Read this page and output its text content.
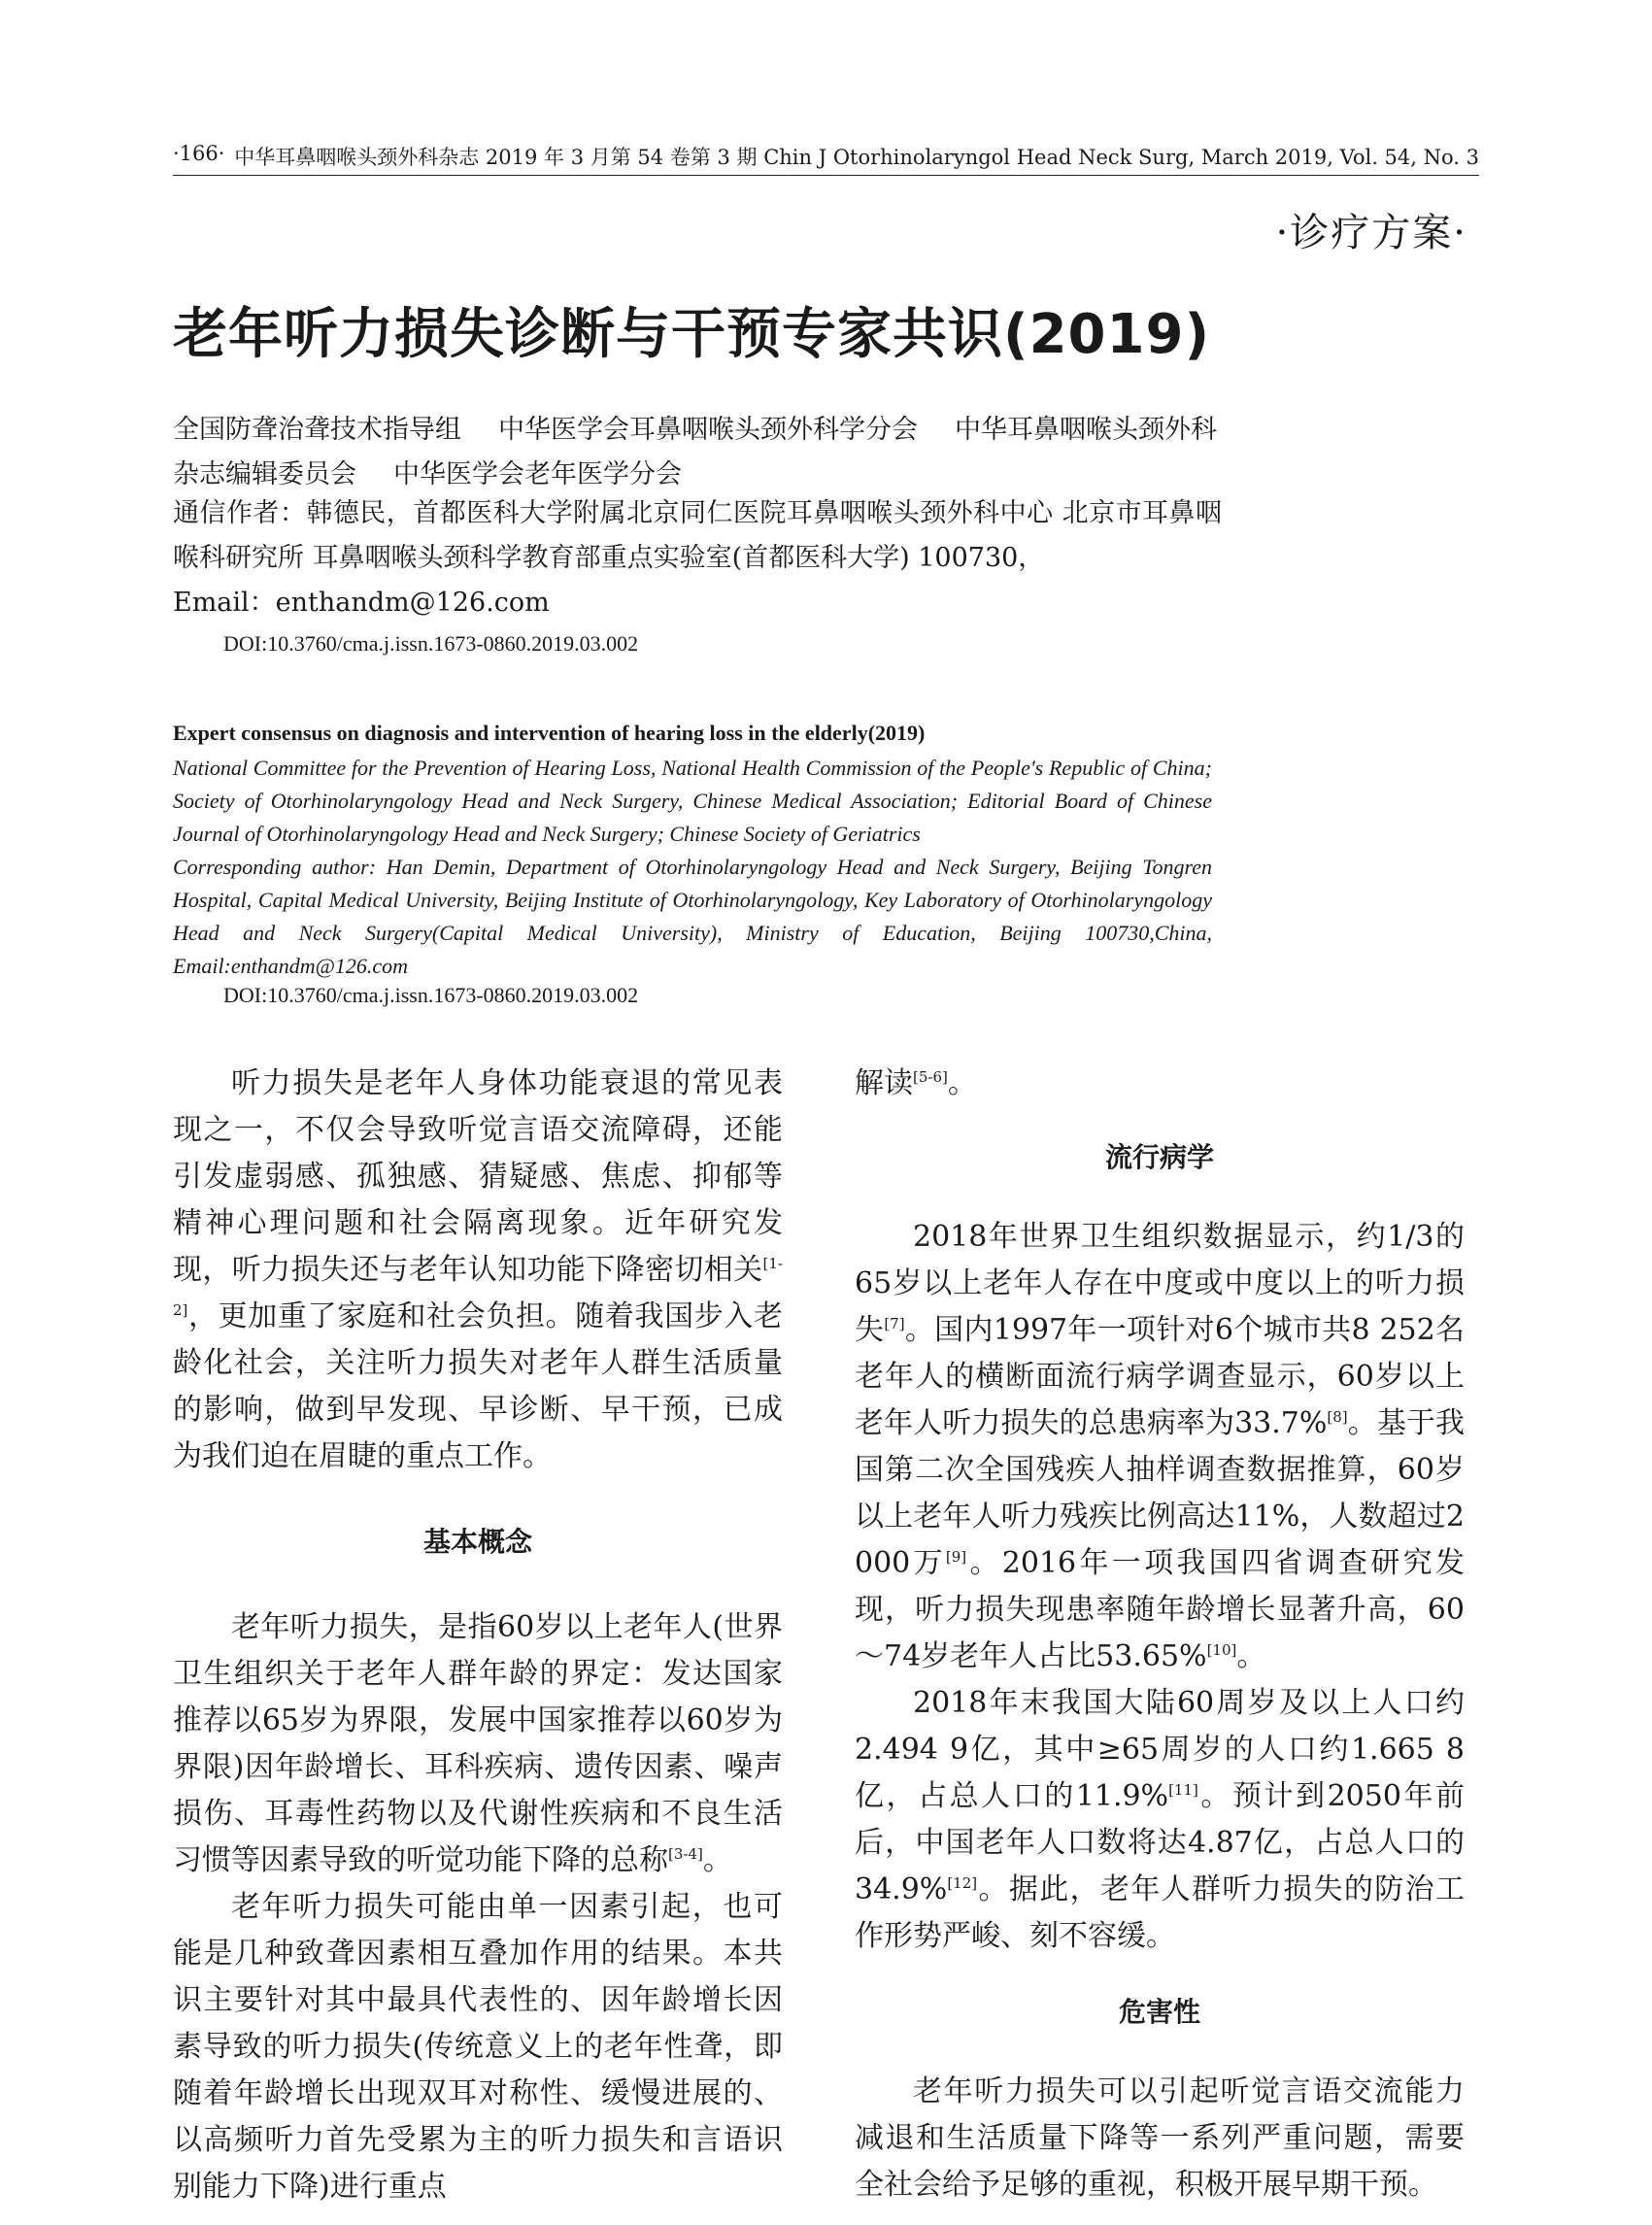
·166· 中华耳鼻咽喉头颈外科杂志 2019 年 3 月第 54 卷第 3 期 Chin J Otorhinolaryngol Head Neck Surg, March 2019, Vol. 54, No. 3
·诊疗方案·
老年听力损失诊断与干预专家共识(2019)
全国防聋治聋技术指导组 中华医学会耳鼻咽喉头颈外科学分会 中华耳鼻咽喉头颈外科杂志编辑委员会 中华医学会老年医学分会
通信作者：韩德民，首都医科大学附属北京同仁医院耳鼻咽喉头颈外科中心 北京市耳鼻咽喉科研究所 耳鼻咽喉头颈科学教育部重点实验室(首都医科大学) 100730，
Email：enthandm@126.com
DOI:10.3760/cma.j.issn.1673-0860.2019.03.002
Expert consensus on diagnosis and intervention of hearing loss in the elderly(2019)
National Committee for the Prevention of Hearing Loss, National Health Commission of the People's Republic of China; Society of Otorhinolaryngology Head and Neck Surgery, Chinese Medical Association; Editorial Board of Chinese Journal of Otorhinolaryngology Head and Neck Surgery; Chinese Society of Geriatrics
Corresponding author: Han Demin, Department of Otorhinolaryngology Head and Neck Surgery, Beijing Tongren Hospital, Capital Medical University, Beijing Institute of Otorhinolaryngology, Key Laboratory of Otorhinolaryngology Head and Neck Surgery(Capital Medical University), Ministry of Education, Beijing 100730,China, Email:enthandm@126.com
DOI:10.3760/cma.j.issn.1673-0860.2019.03.002

听力损失是老年人身体功能衰退的常见表现之一，不仅会导致听觉言语交流障碍，还能引发虚弱感、孤独感、猜疑感、焦虑、抑郁等精神心理问题和社会隔离现象。近年研究发现，听力损失还与老年认知功能下降密切相关[1-2]，更加重了家庭和社会负担。随着我国步入老龄化社会，关注听力损失对老年人群生活质量的影响，做到早发现、早诊断、早干预，已成为我们迫在眉睫的重点工作。

基本概念

老年听力损失，是指60岁以上老年人(世界卫生组织关于老年人群年龄的界定：发达国家推荐以65岁为界限，发展中国家推荐以60岁为界限)因年龄增长、耳科疾病、遗传因素、噪声损伤、耳毒性药物以及代谢性疾病和不良生活习惯等因素导致的听觉功能下降的总称[3-4]。

老年听力损失可能由单一因素引起，也可能是几种致聋因素相互叠加作用的结果。本共识主要针对其中最具代表性的、因年龄增长因素导致的听力损失(传统意义上的老年性聋，即随着年龄增长出现双耳对称性、缓慢进展的、以高频听力首先受累为主的听力损失和言语识别能力下降)进行重点

解读[5-6]。

流行病学

2018年世界卫生组织数据显示，约1/3的65岁以上老年人存在中度或中度以上的听力损失[7]。国内1997年一项针对6个城市共8 252名老年人的横断面流行病学调查显示，60岁以上老年人听力损失的总患病率为33.7%[8]。基于我国第二次全国残疾人抽样调查数据推算，60岁以上老年人听力残疾比例高达11%，人数超过2 000万[9]。2016年一项我国四省调查研究发现，听力损失现患率随年龄增长显著升高，60～74岁老年人占比53.65%[10]。

2018年末我国大陆60周岁及以上人口约2.494 9亿，其中≥65周岁的人口约1.665 8亿，占总人口的11.9%[11]。预计到2050年前后，中国老年人口数将达4.87亿，占总人口的34.9%[12]。据此，老年人群听力损失的防治工作形势严峻、刻不容缓。

危害性

老年听力损失可以引起听觉言语交流能力减退和生活质量下降等一系列严重问题，需要全社会给予足够的重视，积极开展早期干预。
